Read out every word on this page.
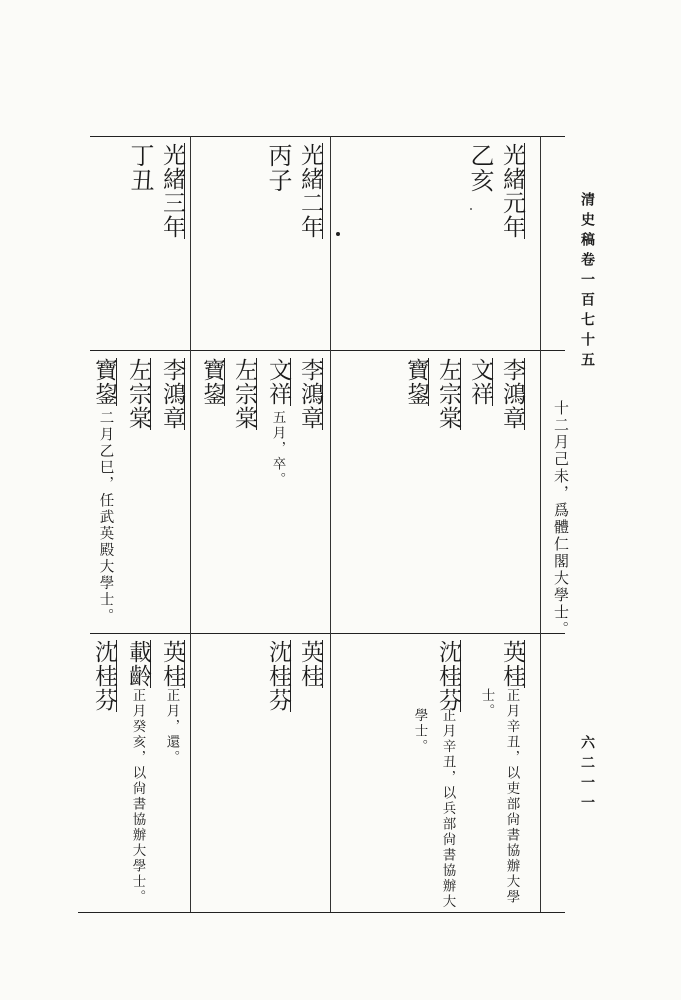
清史稿卷一百七十五
六二一一
十二月己未，爲體仁閣大學士。
光緒元年
乙亥
李鴻章
文祥
左宗棠
寶鋆
英桂
正月辛丑，以吏部尙書協辦大學
士。
沈桂芬
正月辛丑，以兵部尙書協辦大
學士。
光緒二年
丙子
李鴻章
文祥
五月，卒。
左宗棠
寶鋆
英桂
沈桂芬
光緒三年
丁丑
李鴻章
左宗棠
寶鋆
二月乙巳，任武英殿大學士。
英桂
正月，還。
載齡
正月癸亥，以尙書協辦大學士。
沈桂芬
